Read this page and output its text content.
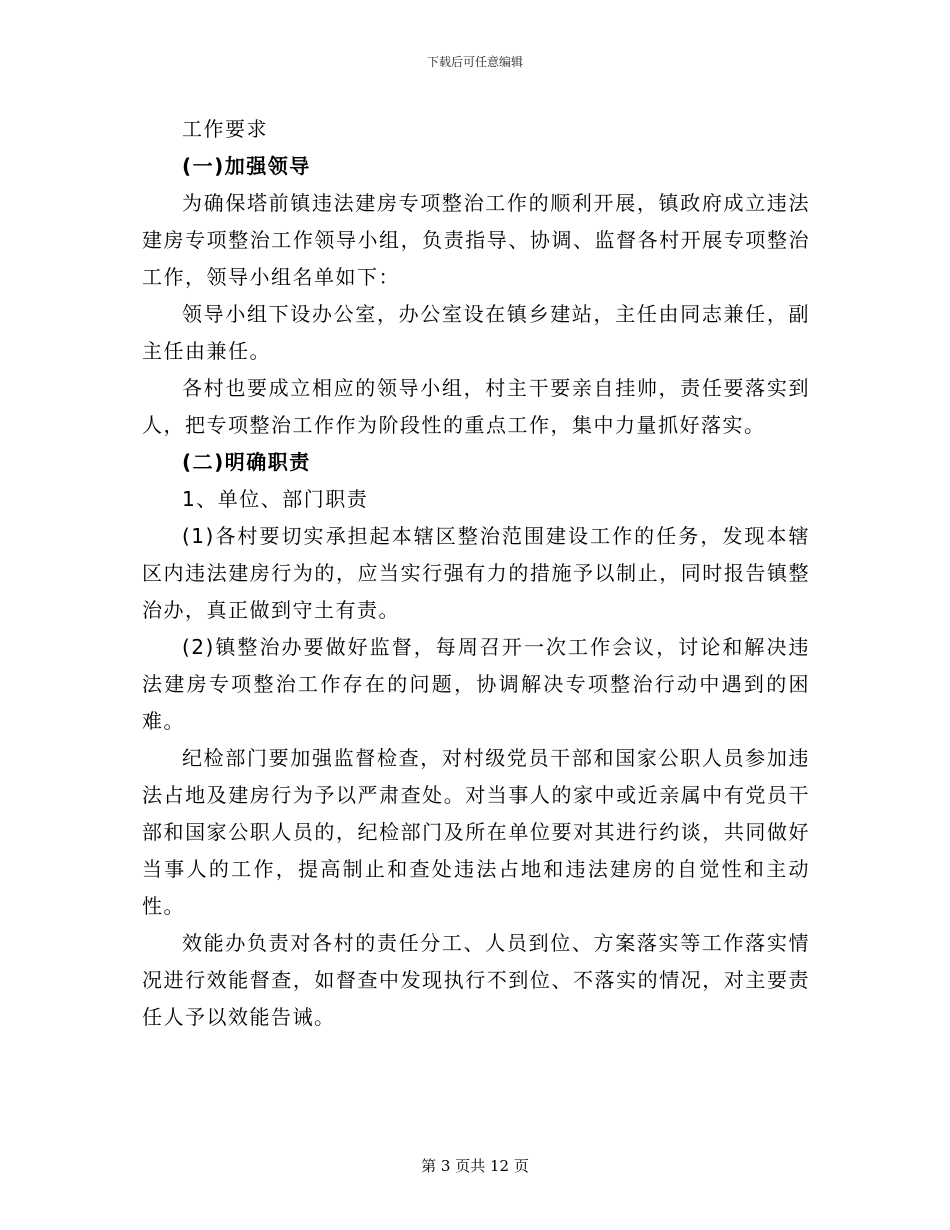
下载后可任意编辑

工作要求

(一)加强领导

为确保塔前镇违法建房专项整治工作的顺利开展，镇政府成立违法建房专项整治工作领导小组，负责指导、协调、监督各村开展专项整治工作，领导小组名单如下：

领导小组下设办公室，办公室设在镇乡建站，主任由同志兼任，副主任由兼任。

各村也要成立相应的领导小组，村主干要亲自挂帅，责任要落实到人，把专项整治工作作为阶段性的重点工作，集中力量抓好落实。

(二)明确职责

1、单位、部门职责

(1)各村要切实承担起本辖区整治范围建设工作的任务，发现本辖区内违法建房行为的，应当实行强有力的措施予以制止，同时报告镇整治办，真正做到守土有责。

(2)镇整治办要做好监督，每周召开一次工作会议，讨论和解决违法建房专项整治工作存在的问题，协调解决专项整治行动中遇到的困难。

纪检部门要加强监督检查，对村级党员干部和国家公职人员参加违法占地及建房行为予以严肃查处。对当事人的家中或近亲属中有党员干部和国家公职人员的，纪检部门及所在单位要对其进行约谈，共同做好当事人的工作，提高制止和查处违法占地和违法建房的自觉性和主动性。

效能办负责对各村的责任分工、人员到位、方案落实等工作落实情况进行效能督查，如督查中发现执行不到位、不落实的情况，对主要责任人予以效能告诫。

第 3 页共 12 页
